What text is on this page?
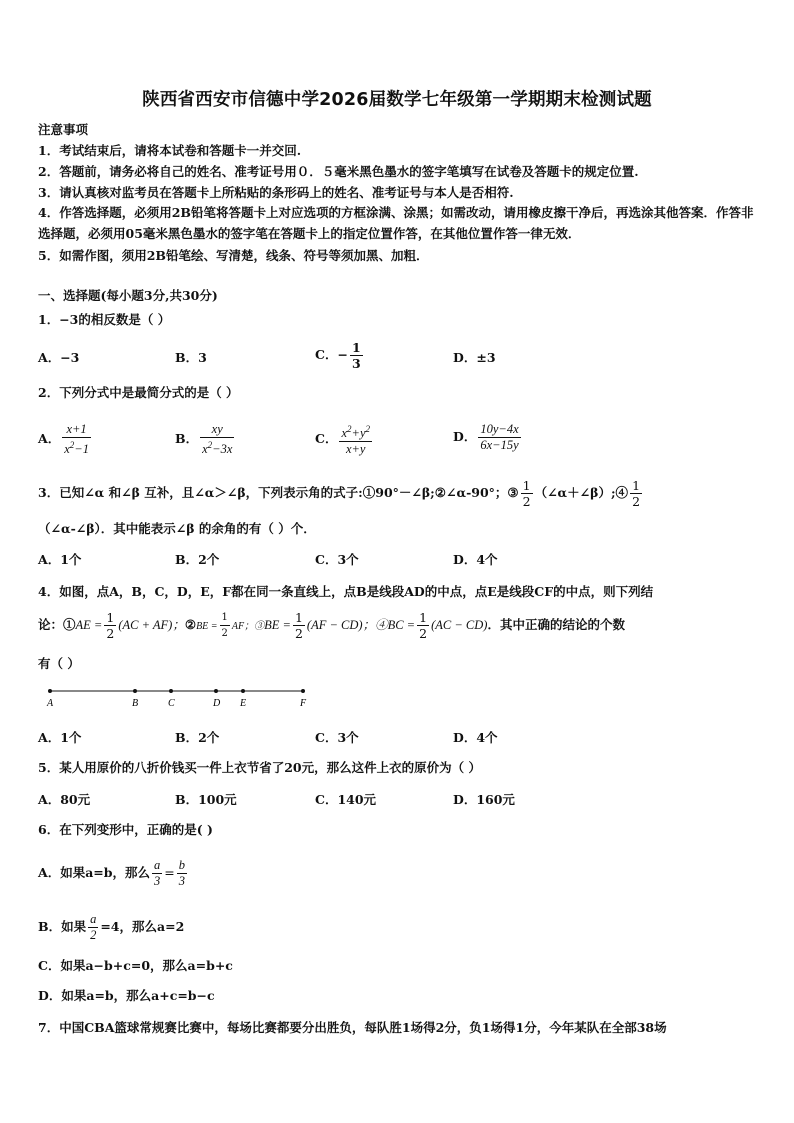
陕西省西安市信德中学2026届数学七年级第一学期期末检测试题
注意事项
1．考试结束后，请将本试卷和答题卡一并交回.
2．答题前，请务必将自己的姓名、准考证号用０．５毫米黑色墨水的签字笔填写在试卷及答题卡的规定位置.
3．请认真核对监考员在答题卡上所粘贴的条形码上的姓名、准考证号与本人是否相符.
4．作答选择题，必须用2B铅笔将答题卡上对应选项的方框涂满、涂黑；如需改动，请用橡皮擦干净后，再选涂其他答案．作答非选择题，必须用05毫米黑色墨水的签字笔在答题卡上的指定位置作答，在其他位置作答一律无效．
5．如需作图，须用2B铅笔绘、写清楚，线条、符号等须加黑、加粗．
一、选择题(每小题3分,共30分)
1．−3的相反数是（ ）
A．−3	B．3	C．− $\frac{1}{3}$	D．±3
2．下列分式中是最简分式的是（ ）
A． $\frac{x+1}{x^2-1}$	B． $\frac{xy}{x^2-3x}$	C． $\frac{x^2+y^2}{x+y}$	D． $\frac{10y-4x}{6x-15y}$
3．已知∠α 和∠β 互补，且∠α＞∠β，下列表示角的式子:①90°－∠β;②∠α-90°；③ $\frac{1}{2}$ （∠α＋∠β）;④ $\frac{1}{2}$
（∠α-∠β）．其中能表示∠β 的余角的有（ ）个．
A．1个	B．2个	C．3个	D．4个
4．如图，点A，B，C，D，E，F都在同一条直线上，点B是线段AD的中点，点E是线段CF的中点，则下列结
论：①AE = $\frac{1}{2} (AC + AF)$；②BE = $\frac{1}{2}$ AF；③BE = $\frac{1}{2} (AF - CD)$；④BC = $\frac{1}{2} (AC - CD)$．其中正确的结论的个数
有（ ）
A	B	C	D E	F
A．1个	B．2个	C．3个	D．4个
5．某人用原价的八折价钱买一件上衣节省了20元，那么这件上衣的原价为（ ）
A．80元	B．100元	C．140元	D．160元
6．在下列变形中，正确的是( )
A．如果a=b，那么 $\frac{a}{3} = \frac{b}{3}$
B．如果 $\frac{a}{2} =4$，那么a=2
C．如果a−b+c=0，那么a=b+c
D．如果a=b，那么a+c=b−c
7．中国CBA篮球常规赛比赛中，每场比赛都要分出胜负，每队胜1场得2分，负1场得1分，今年某队在全部38场
